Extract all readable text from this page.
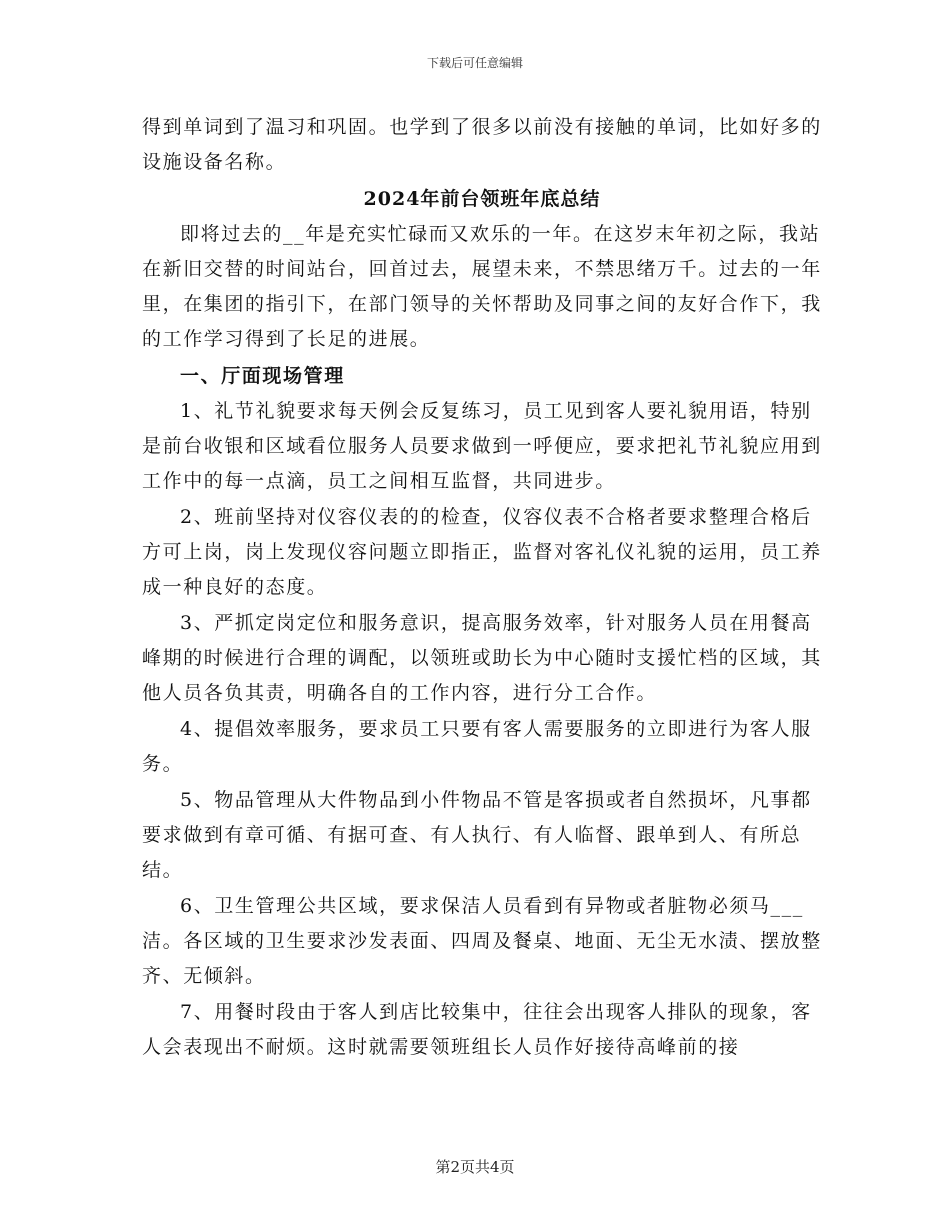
下载后可任意编辑

得到单词到了温习和巩固。也学到了很多以前没有接触的单词，比如好多的设施设备名称。

2024年前台领班年底总结

即将过去的__年是充实忙碌而又欢乐的一年。在这岁末年初之际，我站在新旧交替的时间站台，回首过去，展望未来，不禁思绪万千。过去的一年里，在集团的指引下，在部门领导的关怀帮助及同事之间的友好合作下，我的工作学习得到了长足的进展。

一、厅面现场管理

1、礼节礼貌要求每天例会反复练习，员工见到客人要礼貌用语，特别是前台收银和区域看位服务人员要求做到一呼便应，要求把礼节礼貌应用到工作中的每一点滴，员工之间相互监督，共同进步。

2、班前坚持对仪容仪表的的检查，仪容仪表不合格者要求整理合格后方可上岗，岗上发现仪容问题立即指正，监督对客礼仪礼貌的运用，员工养成一种良好的态度。

3、严抓定岗定位和服务意识，提高服务效率，针对服务人员在用餐高峰期的时候进行合理的调配，以领班或助长为中心随时支援忙档的区域，其他人员各负其责，明确各自的工作内容，进行分工合作。

4、提倡效率服务，要求员工只要有客人需要服务的立即进行为客人服务。

5、物品管理从大件物品到小件物品不管是客损或者自然损坏，凡事都要求做到有章可循、有据可查、有人执行、有人临督、跟单到人、有所总结。

6、卫生管理公共区域，要求保洁人员看到有异物或者脏物必须马___洁。各区域的卫生要求沙发表面、四周及餐桌、地面、无尘无水渍、摆放整齐、无倾斜。

7、用餐时段由于客人到店比较集中，往往会出现客人排队的现象，客人会表现出不耐烦。这时就需要领班组长人员作好接待高峰前的接

第2页共4页
